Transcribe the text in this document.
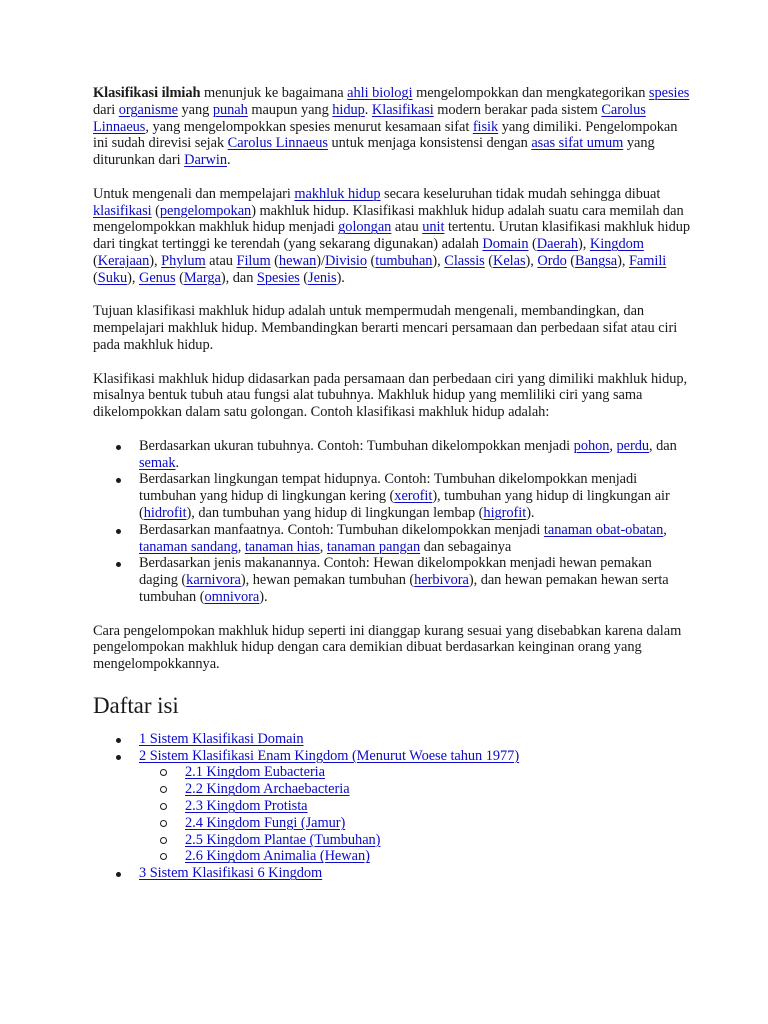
Klasifikasi ilmiah menunjuk ke bagaimana ahli biologi mengelompokkan dan mengkategorikan spesies dari organisme yang punah maupun yang hidup. Klasifikasi modern berakar pada sistem Carolus Linnaeus, yang mengelompokkan spesies menurut kesamaan sifat fisik yang dimiliki. Pengelompokan ini sudah direvisi sejak Carolus Linnaeus untuk menjaga konsistensi dengan asas sifat umum yang diturunkan dari Darwin.

Untuk mengenali dan mempelajari makhluk hidup secara keseluruhan tidak mudah sehingga dibuat klasifikasi (pengelompokan) makhluk hidup. Klasifikasi makhluk hidup adalah suatu cara memilah dan mengelompokkan makhluk hidup menjadi golongan atau unit tertentu. Urutan klasifikasi makhluk hidup dari tingkat tertinggi ke terendah (yang sekarang digunakan) adalah Domain (Daerah), Kingdom (Kerajaan), Phylum atau Filum (hewan)/Divisio (tumbuhan), Classis (Kelas), Ordo (Bangsa), Famili (Suku), Genus (Marga), dan Spesies (Jenis).

Tujuan klasifikasi makhluk hidup adalah untuk mempermudah mengenali, membandingkan, dan mempelajari makhluk hidup. Membandingkan berarti mencari persamaan dan perbedaan sifat atau ciri pada makhluk hidup.

Klasifikasi makhluk hidup didasarkan pada persamaan dan perbedaan ciri yang dimiliki makhluk hidup, misalnya bentuk tubuh atau fungsi alat tubuhnya. Makhluk hidup yang memliliki ciri yang sama dikelompokkan dalam satu golongan. Contoh klasifikasi makhluk hidup adalah:

Berdasarkan ukuran tubuhnya. Contoh: Tumbuhan dikelompokkan menjadi pohon, perdu, dan semak.
Berdasarkan lingkungan tempat hidupnya. Contoh: Tumbuhan dikelompokkan menjadi tumbuhan yang hidup di lingkungan kering (xerofit), tumbuhan yang hidup di lingkungan air (hidrofit), dan tumbuhan yang hidup di lingkungan lembap (higrofit).
Berdasarkan manfaatnya. Contoh: Tumbuhan dikelompokkan menjadi tanaman obat-obatan, tanaman sandang, tanaman hias, tanaman pangan dan sebagainya
Berdasarkan jenis makanannya. Contoh: Hewan dikelompokkan menjadi hewan pemakan daging (karnivora), hewan pemakan tumbuhan (herbivora), dan hewan pemakan hewan serta tumbuhan (omnivora).

Cara pengelompokan makhluk hidup seperti ini dianggap kurang sesuai yang disebabkan karena dalam pengelompokan makhluk hidup dengan cara demikian dibuat berdasarkan keinginan orang yang mengelompokkannya.

Daftar isi
1 Sistem Klasifikasi Domain
2 Sistem Klasifikasi Enam Kingdom (Menurut Woese tahun 1977)
2.1 Kingdom Eubacteria
2.2 Kingdom Archaebacteria
2.3 Kingdom Protista
2.4 Kingdom Fungi (Jamur)
2.5 Kingdom Plantae (Tumbuhan)
2.6 Kingdom Animalia (Hewan)
3 Sistem Klasifikasi 6 Kingdom
